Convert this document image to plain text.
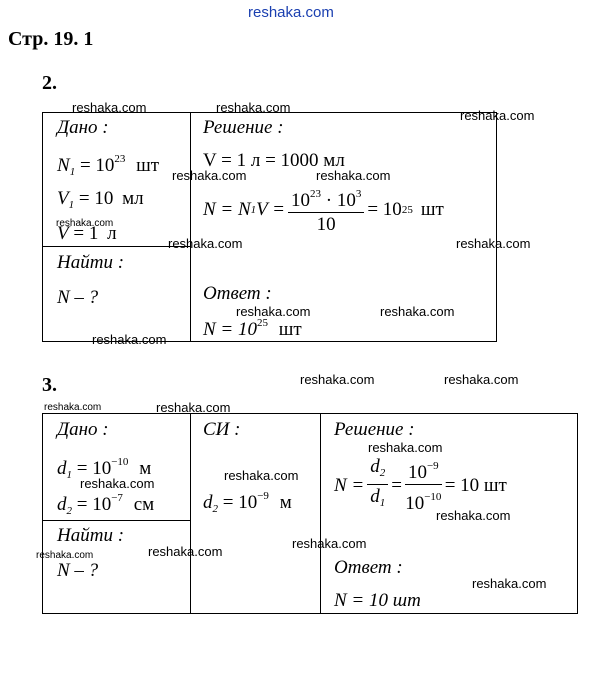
reshaka.com
Стр. 19. 1
2.
Дано :
$N_1 = 10^{23}$ шт
$V_1 = 10$ мл
V = 1 л
Найти :
N – ?
Решение :
V = 1 л = 1000 мл
N = N 1 $V = \frac{10^{23} \cdot 10^3}{10} = 10$ 25 шт
Ответ :
$N = 10^{25}$ шт
3.
Дано :
$d_1 = 10^{-10}$ м
$d_2 = 10^{-7}$ см
Найти :
N – ?
СИ :
$d_2 = 10^{-9}$ м
Решение :
$N = \frac{d_2}{d_1} = \frac{10^{-9}}{10^{-10}} = 10$ шт
Ответ :
N = 10 шт
reshaka.com	reshaka.com
reshaka.com
reshaka.com	reshaka.com
reshaka.com
reshaka.com	reshaka.com
reshaka.com	reshaka.com
reshaka.com
reshaka.com	reshaka.com
reshaka.com	reshaka.com
reshaka.com
reshaka.com
reshaka.com
reshaka.com
reshaka.com
reshaka.com	reshaka.com
reshaka.com
